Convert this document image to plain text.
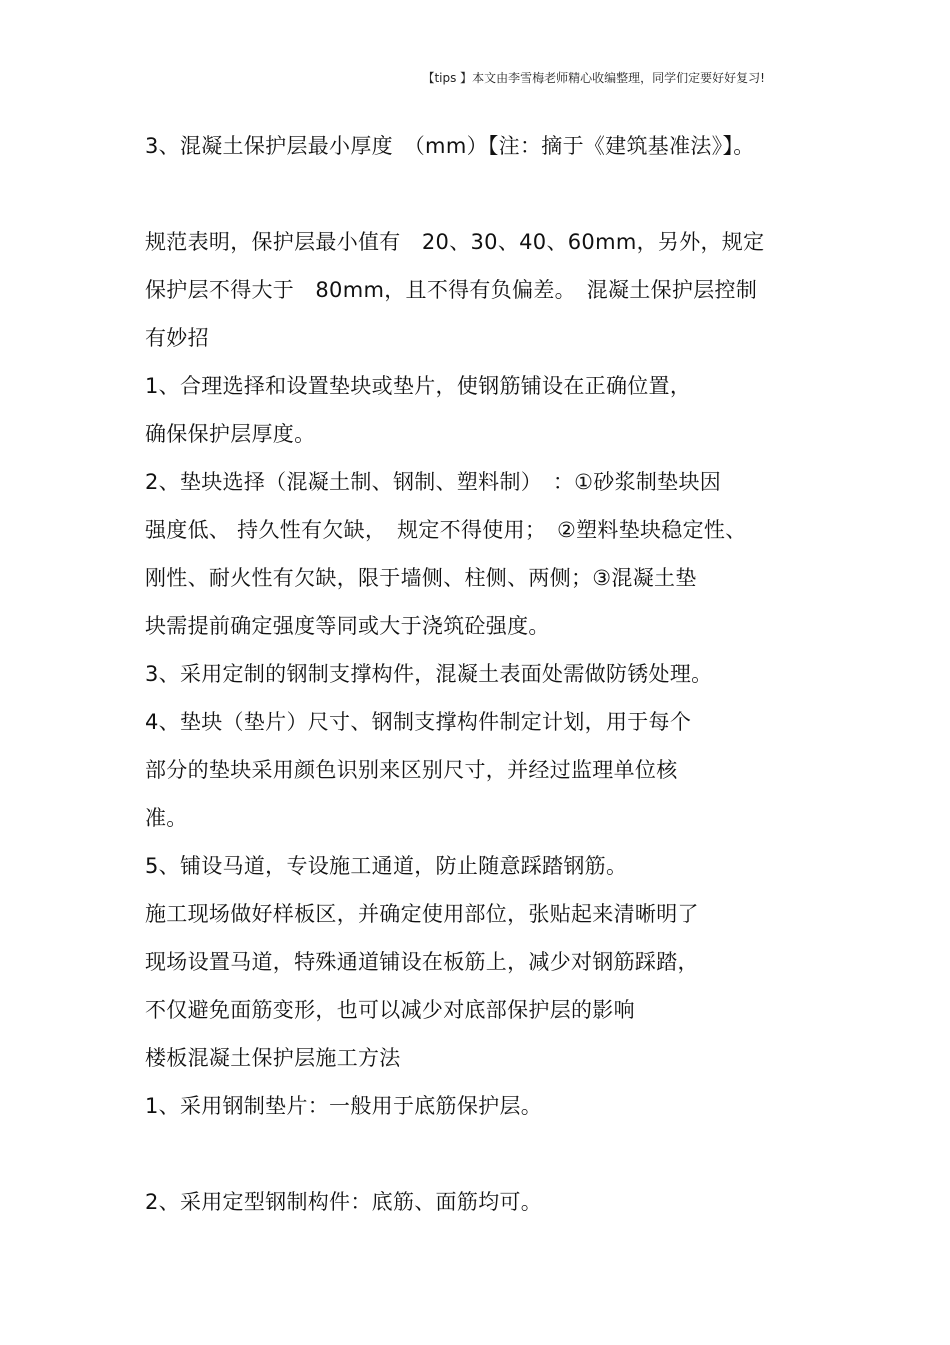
【tips 】本文由李雪梅老师精心收编整理，同学们定要好好复习!
3、混凝土保护层最小厚度　（mm）【注：摘于《建筑基准法》】。
规范表明，保护层最小值有　20、30、40、60mm，另外，规定
保护层不得大于　80mm，且不得有负偏差。　混凝土保护层控制
有妙招
1、合理选择和设置垫块或垫片，使钢筋铺设在正确位置，
确保保护层厚度。
2、垫块选择（混凝土制、钢制、塑料制）　：①砂浆制垫块因
强度低、 持久性有欠缺，　规定不得使用；　②塑料垫块稳定性、
刚性、耐火性有欠缺，限于墙侧、柱侧、两侧；③混凝土垫
块需提前确定强度等同或大于浇筑砼强度。
3、采用定制的钢制支撑构件，混凝土表面处需做防锈处理。
4、垫块（垫片）尺寸、钢制支撑构件制定计划，用于每个
部分的垫块采用颜色识别来区别尺寸，并经过监理单位核
准。
5、铺设马道，专设施工通道，防止随意踩踏钢筋。
施工现场做好样板区，并确定使用部位，张贴起来清晰明了
现场设置马道，特殊通道铺设在板筋上，减少对钢筋踩踏，
不仅避免面筋变形，也可以减少对底部保护层的影响
楼板混凝土保护层施工方法
1、采用钢制垫片：一般用于底筋保护层。
2、采用定型钢制构件：底筋、面筋均可。
